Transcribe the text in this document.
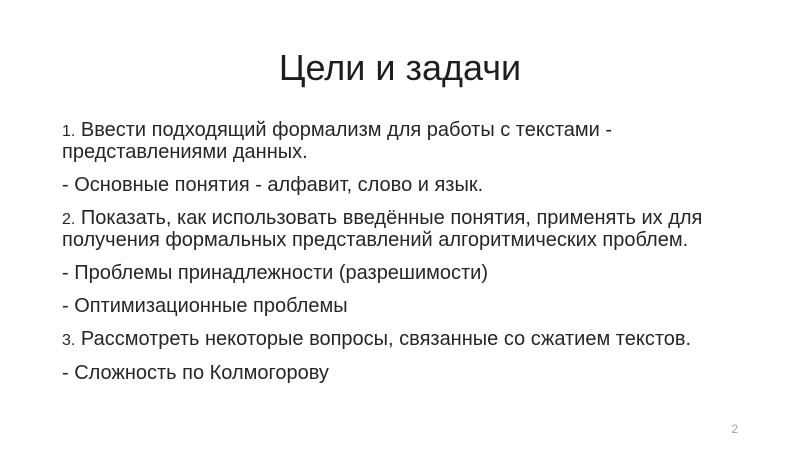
Цели и задачи
1. Ввести подходящий формализм для работы с текстами - представлениями данных.
- Основные понятия - алфавит, слово и язык.
2. Показать, как использовать введённые понятия, применять их для получения формальных представлений алгоритмических проблем.
- Проблемы принадлежности (разрешимости)
- Оптимизационные проблемы
3. Рассмотреть некоторые вопросы, связанные со сжатием текстов.
- Сложность по Колмогорову
2
